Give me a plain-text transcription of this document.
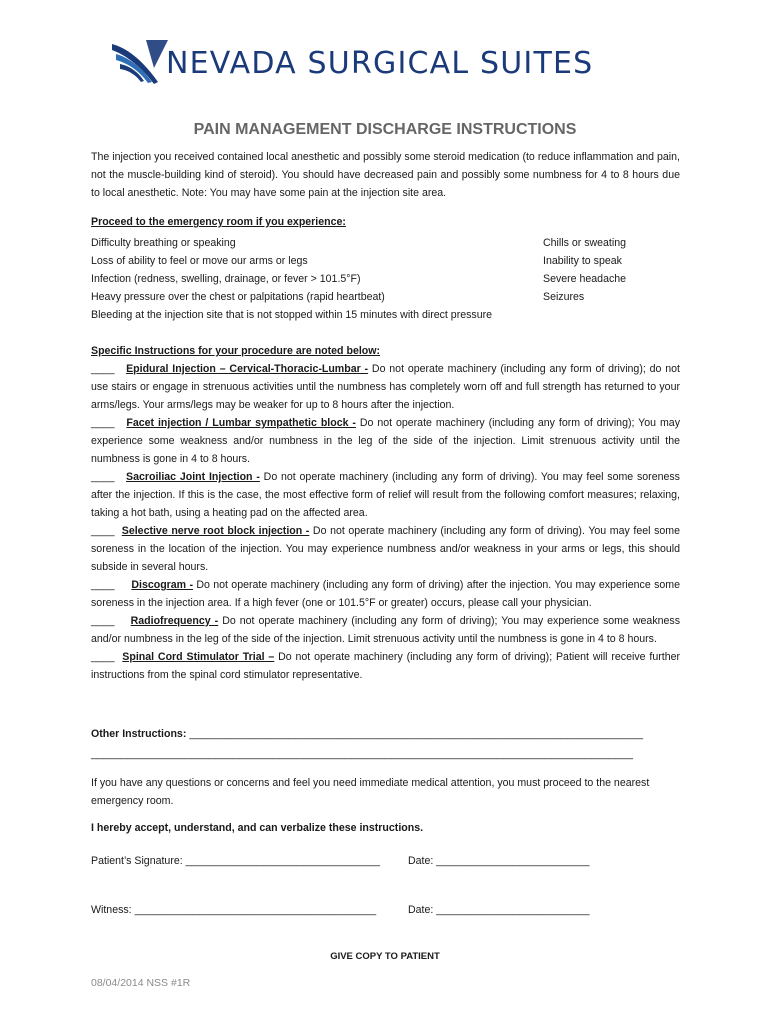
NEVADA SURGICAL SUITES
PAIN MANAGEMENT DISCHARGE INSTRUCTIONS

The injection you received contained local anesthetic and possibly some steroid medication (to reduce inflammation and pain, not the muscle-building kind of steroid). You should have decreased pain and possibly some numbness for 4 to 8 hours due to local anesthetic. Note: You may have some pain at the injection site area.

Proceed to the emergency room if you experience:
Difficulty breathing or speaking
Loss of ability to feel or move our arms or legs
Infection (redness, swelling, drainage, or fever > 101.5°F)
Heavy pressure over the chest or palpitations (rapid heartbeat)
Bleeding at the injection site that is not stopped within 15 minutes with direct pressure
Chills or sweating
Inability to speak
Severe headache
Seizures
Specific Instructions for your procedure are noted below:

____ Epidural Injection – Cervical-Thoracic-Lumbar - Do not operate machinery (including any form of driving); do not use stairs or engage in strenuous activities until the numbness has completely worn off and full strength has returned to your arms/legs. Your arms/legs may be weaker for up to 8 hours after the injection.

____ Facet injection / Lumbar sympathetic block - Do not operate machinery (including any form of driving); You may experience some weakness and/or numbness in the leg of the side of the injection. Limit strenuous activity until the numbness is gone in 4 to 8 hours.

____ Sacroiliac Joint Injection - Do not operate machinery (including any form of driving). You may feel some soreness after the injection. If this is the case, the most effective form of relief will result from the following comfort measures; relaxing, taking a hot bath, using a heating pad on the affected area.

____ Selective nerve root block injection - Do not operate machinery (including any form of driving). You may feel some soreness in the location of the injection. You may experience numbness and/or weakness in your arms or legs, this should subside in several hours.

____ Discogram - Do not operate machinery (including any form of driving) after the injection. You may experience some soreness in the injection area. If a high fever (one or 101.5°F or greater) occurs, please call your physician.

____ Radiofrequency - Do not operate machinery (including any form of driving); You may experience some weakness and/or numbness in the leg of the side of the injection. Limit strenuous activity until the numbness is gone in 4 to 8 hours.

____ Spinal Cord Stimulator Trial – Do not operate machinery (including any form of driving); Patient will receive further instructions from the spinal cord stimulator representative.

Other Instructions: _____________________________________________________________________________
____________________________________________________________________________________________
If you have any questions or concerns and feel you need immediate medical attention, you must proceed to the nearest emergency room.
I hereby accept, understand, and can verbalize these instructions.
Patient’s Signature: _________________________________	Date: __________________________
Witness: _________________________________________	Date: __________________________
GIVE COPY TO PATIENT
08/04/2014 NSS #1R
